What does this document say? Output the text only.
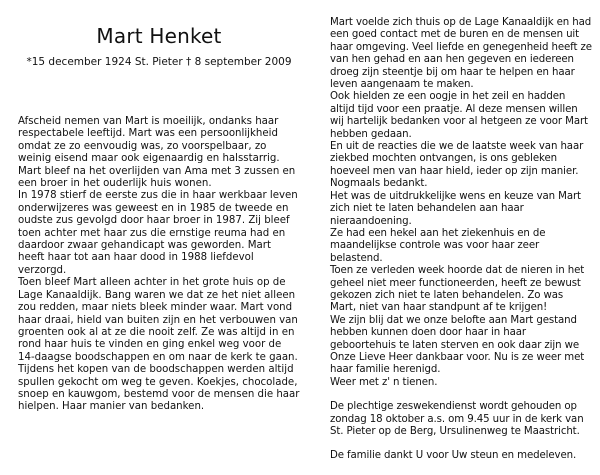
Mart Henket
*15 december 1924 St. Pieter † 8 september 2009

Afscheid nemen van Mart is moeilijk, ondanks haar respectabele leeftijd. Mart was een persoonlijkheid omdat ze zo eenvoudig was, zo voorspelbaar, zo weinig eisend maar ook eigenaardig en halsstarrig.

Mart bleef na het overlijden van Ama met 3 zussen en een broer in het ouderlijk huis wonen.

In 1978 stierf de eerste zus die in haar werkbaar leven onderwijzeres was geweest en in 1985 de tweede en oudste zus gevolgd door haar broer in 1987. Zij bleef toen achter met haar zus die ernstige reuma had en daardoor zwaar gehandicapt was geworden. Mart heeft haar tot aan haar dood in 1988 liefdevol verzorgd.

Toen bleef Mart alleen achter in het grote huis op de Lage Kanaaldijk. Bang waren we dat ze het niet alleen zou redden, maar niets bleek minder waar. Mart vond haar draai, hield van buiten zijn en het verbouwen van groenten ook al at ze die nooit zelf. Ze was altijd in en rond haar huis te vinden en ging enkel weg voor de 14-daagse boodschappen en om naar de kerk te gaan.

Tijdens het kopen van de boodschappen werden altijd spullen gekocht om weg te geven. Koekjes, chocolade, snoep en kauwgom, bestemd voor de mensen die haar hielpen. Haar manier van bedanken.

Mart voelde zich thuis op de Lage Kanaaldijk en had een goed contact met de buren en de mensen uit haar omgeving. Veel liefde en genegenheid heeft ze van hen gehad en aan hen gegeven en iedereen droeg zijn steentje bij om haar te helpen en haar leven aangenaam te maken.

Ook hielden ze een oogje in het zeil en hadden altijd tijd voor een praatje. Al deze mensen willen wij hartelijk bedanken voor al hetgeen ze voor Mart hebben gedaan.

En uit de reacties die we de laatste week van haar ziekbed mochten ontvangen, is ons gebleken hoeveel men van haar hield, ieder op zijn manier. Nogmaals bedankt.

Het was de uitdrukkelijke wens en keuze van Mart zich niet te laten behandelen aan haar nieraandoening.

Ze had een hekel aan het ziekenhuis en de maandelijkse controle was voor haar zeer belastend.

Toen ze verleden week hoorde dat de nieren in het geheel niet meer functioneerden, heeft ze bewust gekozen zich niet te laten behandelen. Zo was Mart, niet van haar standpunt af te krijgen!

We zijn blij dat we onze belofte aan Mart gestand hebben kunnen doen door haar in haar geboortehuis te laten sterven en ook daar zijn we Onze Lieve Heer dankbaar voor. Nu is ze weer met haar familie herenigd.

Weer met z' n tienen.

De plechtige zeswekendienst wordt gehouden op zondag 18 oktober a.s. om 9.45 uur in de kerk van St. Pieter op de Berg, Ursulinenweg te Maastricht.

De familie dankt U voor Uw steun en medeleven.
